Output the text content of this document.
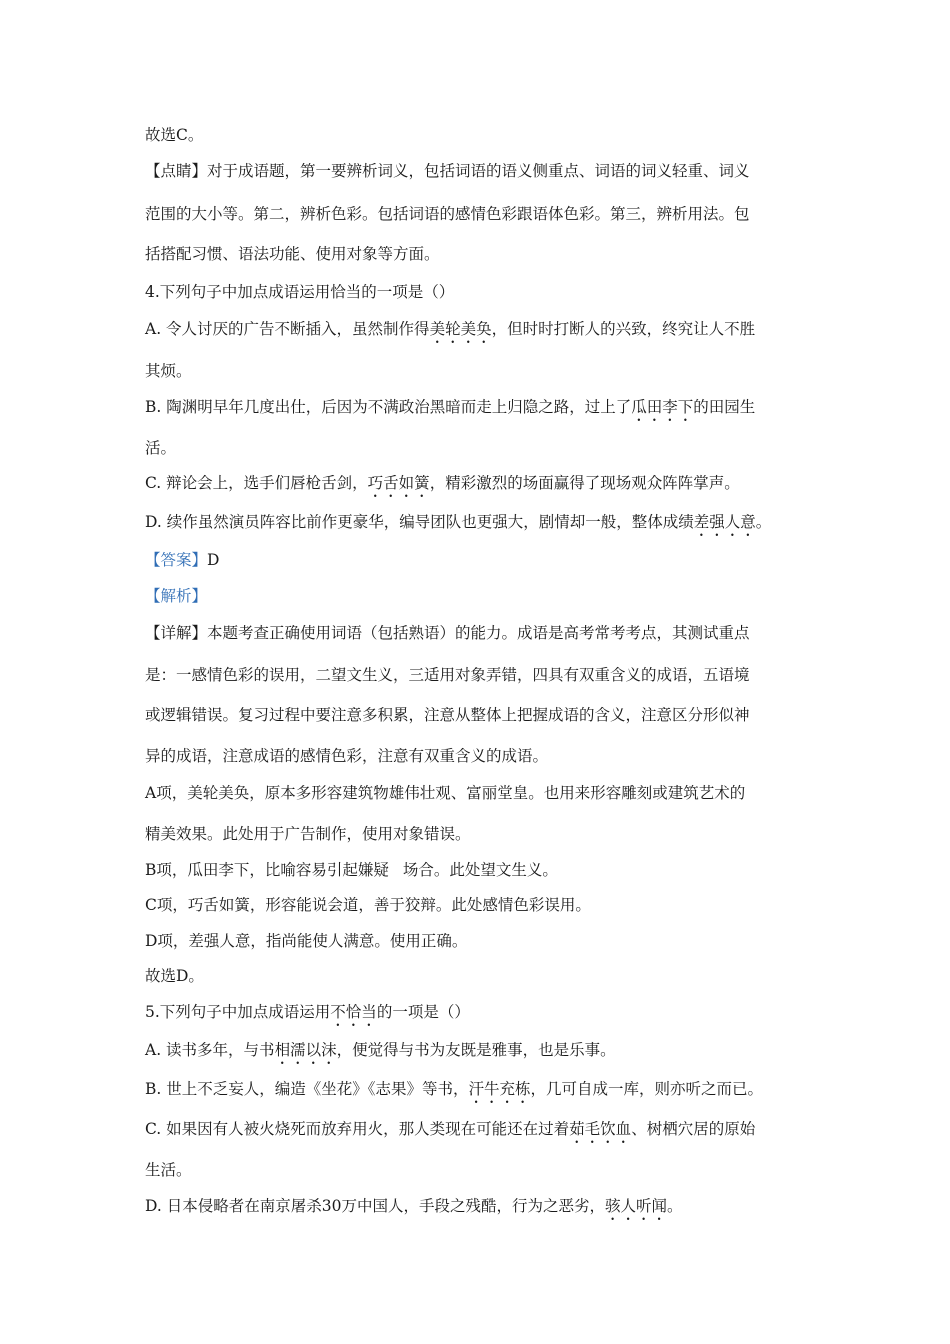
故选C。
【点睛】对于成语题，第一要辨析词义，包括词语的语义侧重点、词语的词义轻重、词义
范围的大小等。第二，辨析色彩。包括词语的感情色彩跟语体色彩。第三，辨析用法。包
括搭配习惯、语法功能、使用对象等方面。
4.下列句子中加点成语运用恰当的一项是（）
A. 令人讨厌的广告不断插入，虽然制作得美轮美奂，但时时打断人的兴致，终究让人不胜
其烦。
B. 陶渊明早年几度出仕，后因为不满政治黑暗而走上归隐之路，过上了瓜田李下的田园生
活。
C. 辩论会上，选手们唇枪舌剑，巧舌如簧，精彩激烈的场面赢得了现场观众阵阵掌声。
D. 续作虽然演员阵容比前作更豪华，编导团队也更强大，剧情却一般，整体成绩差强人意。
【答案】D
【解析】
【详解】本题考查正确使用词语（包括熟语）的能力。成语是高考常考考点，其测试重点
是：一感情色彩的误用，二望文生义，三适用对象弄错，四具有双重含义的成语，五语境
或逻辑错误。复习过程中要注意多积累，注意从整体上把握成语的含义，注意区分形似神
异的成语，注意成语的感情色彩，注意有双重含义的成语。
A项，美轮美奂，原本多形容建筑物雄伟壮观、富丽堂皇。也用来形容雕刻或建筑艺术的
精美效果。此处用于广告制作，使用对象错误。
B项，瓜田李下，比喻容易引起嫌疑 场合。此处望文生义。
C项，巧舌如簧，形容能说会道，善于狡辩。此处感情色彩误用。
D项，差强人意，指尚能使人满意。使用正确。
故选D。
5.下列句子中加点成语运用不恰当的一项是（）
A. 读书多年，与书相濡以沫，便觉得与书为友既是雅事，也是乐事。
B. 世上不乏妄人，编造《坐花》《志果》等书，汗牛充栋，几可自成一库，则亦听之而已。
C. 如果因有人被火烧死而放弃用火，那人类现在可能还在过着茹毛饮血、树栖穴居的原始
生活。
D. 日本侵略者在南京屠杀30万中国人，手段之残酷，行为之恶劣，骇人听闻。
